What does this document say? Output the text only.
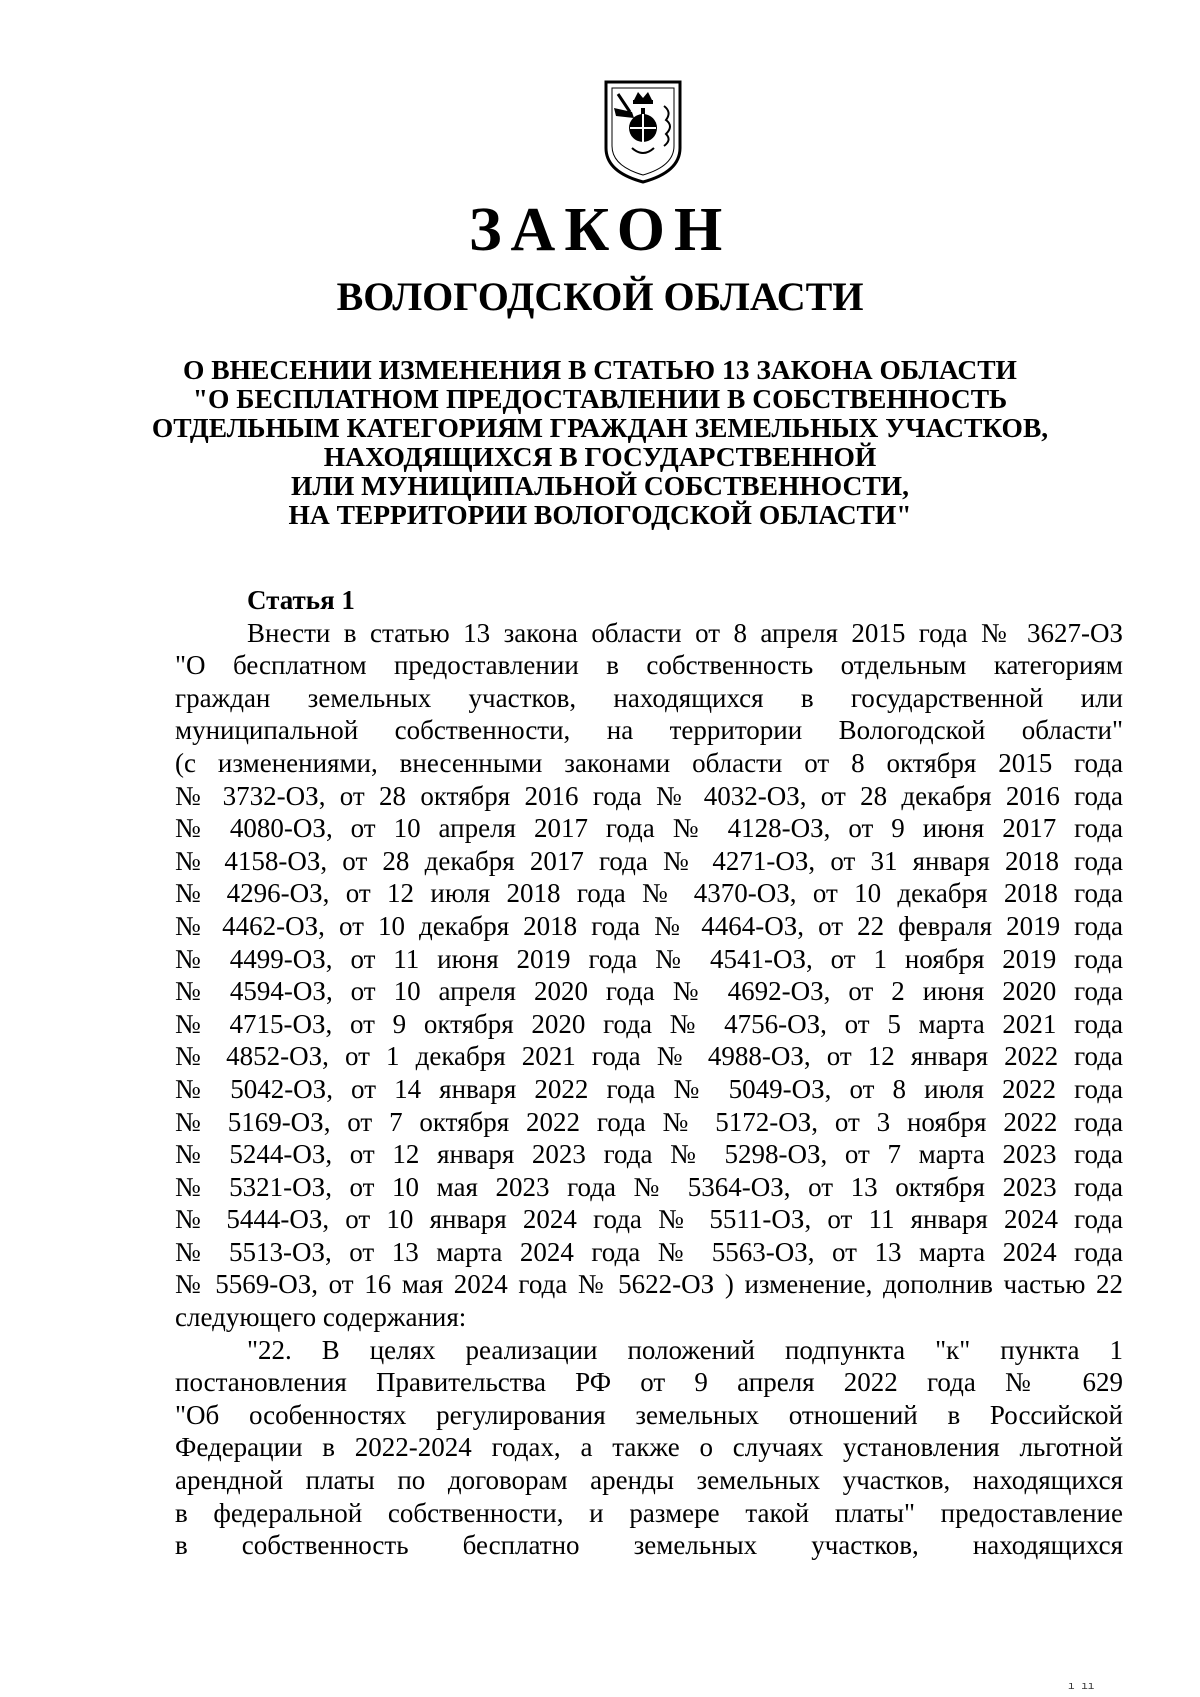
ЗАКОН
ВОЛОГОДСКОЙ ОБЛАСТИ
О ВНЕСЕНИИ ИЗМЕНЕНИЯ В СТАТЬЮ 13 ЗАКОНА ОБЛАСТИ
"О БЕСПЛАТНОМ ПРЕДОСТАВЛЕНИИ В СОБСТВЕННОСТЬ
ОТДЕЛЬНЫМ КАТЕГОРИЯМ ГРАЖДАН ЗЕМЕЛЬНЫХ УЧАСТКОВ,
НАХОДЯЩИХСЯ В ГОСУДАРСТВЕННОЙ
ИЛИ МУНИЦИПАЛЬНОЙ СОБСТВЕННОСТИ,
НА ТЕРРИТОРИИ ВОЛОГОДСКОЙ ОБЛАСТИ"

Статья 1

Внести в статью 13 закона области от 8 апреля 2015 года № 3627-ОЗ
"О бесплатном предоставлении в собственность отдельным категориям
граждан земельных участков, находящихся в государственной или
муниципальной собственности, на территории Вологодской области"
(с изменениями, внесенными законами области от 8 октября 2015 года
№ 3732-ОЗ, от 28 октября 2016 года № 4032-ОЗ, от 28 декабря 2016 года
№ 4080-ОЗ, от 10 апреля 2017 года № 4128-ОЗ, от 9 июня 2017 года
№ 4158-ОЗ, от 28 декабря 2017 года № 4271-ОЗ, от 31 января 2018 года
№ 4296-ОЗ, от 12 июля 2018 года № 4370-ОЗ, от 10 декабря 2018 года
№ 4462-ОЗ, от 10 декабря 2018 года № 4464-ОЗ, от 22 февраля 2019 года
№ 4499-ОЗ, от 11 июня 2019 года № 4541-ОЗ, от 1 ноября 2019 года
№ 4594-ОЗ, от 10 апреля 2020 года № 4692-ОЗ, от 2 июня 2020 года
№ 4715-ОЗ, от 9 октября 2020 года № 4756-ОЗ, от 5 марта 2021 года
№ 4852-ОЗ, от 1 декабря 2021 года № 4988-ОЗ, от 12 января 2022 года
№ 5042-ОЗ, от 14 января 2022 года № 5049-ОЗ, от 8 июля 2022 года
№ 5169-ОЗ, от 7 октября 2022 года № 5172-ОЗ, от 3 ноября 2022 года
№ 5244-ОЗ, от 12 января 2023 года № 5298-ОЗ, от 7 марта 2023 года
№ 5321-ОЗ, от 10 мая 2023 года № 5364-ОЗ, от 13 октября 2023 года
№ 5444-ОЗ, от 10 января 2024 года № 5511-ОЗ, от 11 января 2024 года
№ 5513-ОЗ, от 13 марта 2024 года № 5563-ОЗ, от 13 марта 2024 года
№ 5569-ОЗ, от 16 мая 2024 года № 5622-ОЗ ) изменение, дополнив частью 22
следующего содержания:
"22. В целях реализации положений подпункта "к" пункта 1
постановления Правительства РФ от 9 апреля 2022 года № 629
"Об особенностях регулирования земельных отношений в Российской
Федерации в 2022-2024 годах, а также о случаях установления льготной
арендной платы по договорам аренды земельных участков, находящихся
в федеральной собственности, и размере такой платы" предоставление
в собственность бесплатно земельных участков, находящихся
ı ıı
